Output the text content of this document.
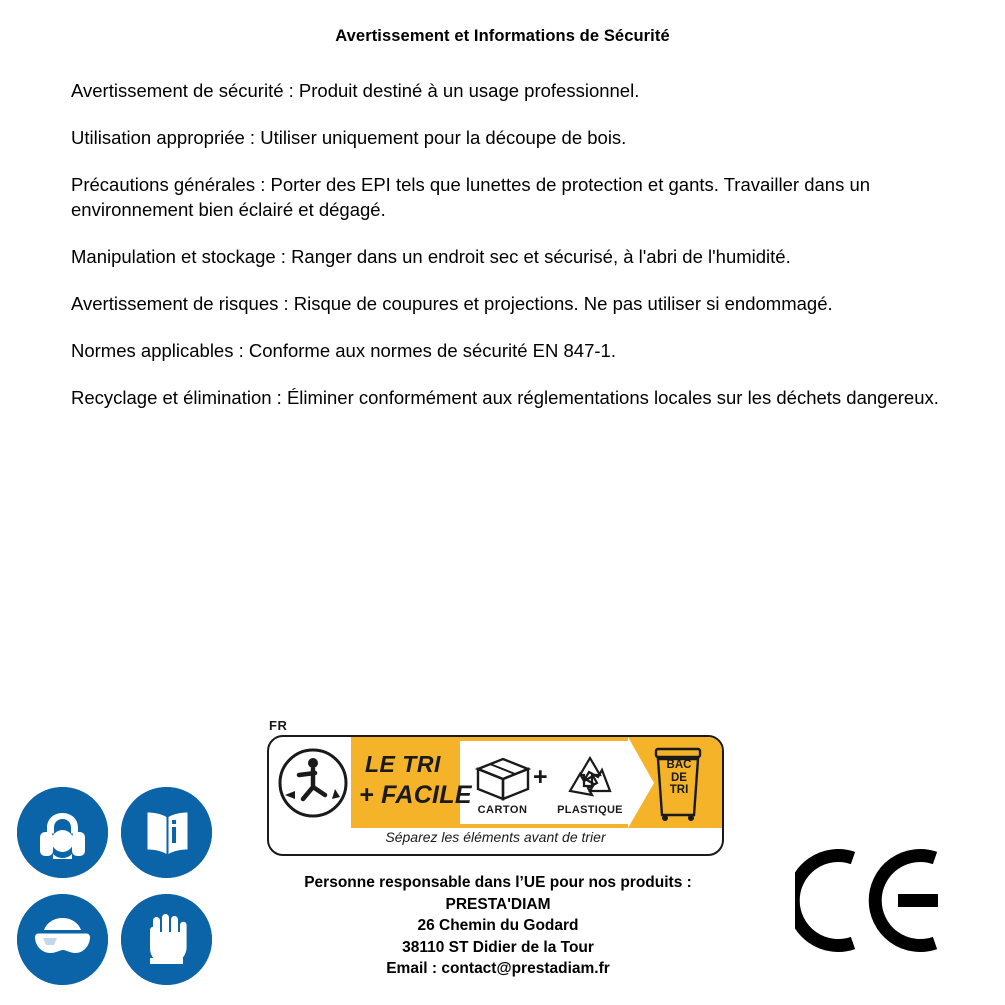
Avertissement et Informations de Sécurité
Avertissement de sécurité : Produit destiné à un usage professionnel.
Utilisation appropriée : Utiliser uniquement pour la découpe de bois.
Précautions générales : Porter des EPI tels que lunettes de protection et gants. Travailler dans un environnement bien éclairé et dégagé.
Manipulation et stockage : Ranger dans un endroit sec et sécurisé, à l'abri de l'humidité.
Avertissement de risques : Risque de coupures et projections. Ne pas utiliser si endommagé.
Normes applicables : Conforme aux normes de sécurité EN 847-1.
Recyclage et élimination : Éliminer conformément aux réglementations locales sur les déchets dangereux.
FR
LE TRI
+ FACILE
+
CARTON	PLASTIQUE
BAC
DE
TRI
Séparez les éléments avant de trier
Personne responsable dans l’UE pour nos produits :
PRESTA'DIAM
26 Chemin du Godard
38110 ST Didier de la Tour
Email : contact@prestadiam.fr
